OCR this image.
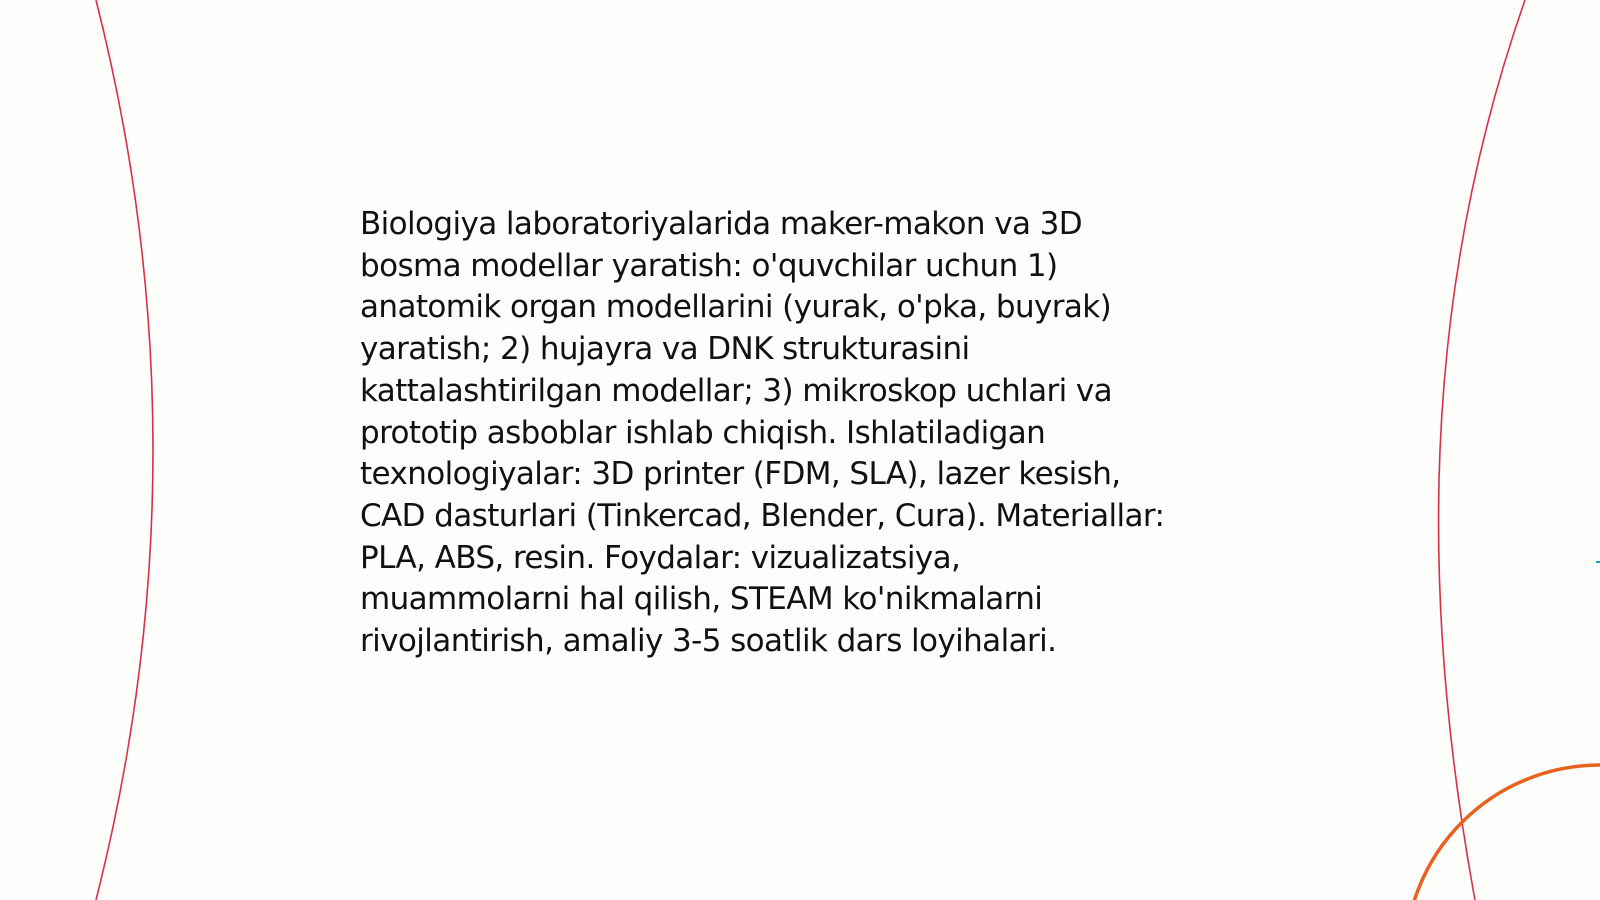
Biologiya laboratoriyalarida maker-makon va 3D
bosma modellar yaratish: o'quvchilar uchun 1)
anatomik organ modellarini (yurak, o'pka, buyrak)
yaratish; 2) hujayra va DNK strukturasini
kattalashtirilgan modellar; 3) mikroskop uchlari va
prototip asboblar ishlab chiqish. Ishlatiladigan
texnologiyalar: 3D printer (FDM, SLA), lazer kesish,
CAD dasturlari (Tinkercad, Blender, Cura). Materiallar:
PLA, ABS, resin. Foydalar: vizualizatsiya,
muammolarni hal qilish, STEAM ko'nikmalarni
rivojlantirish, amaliy 3-5 soatlik dars loyihalari.
